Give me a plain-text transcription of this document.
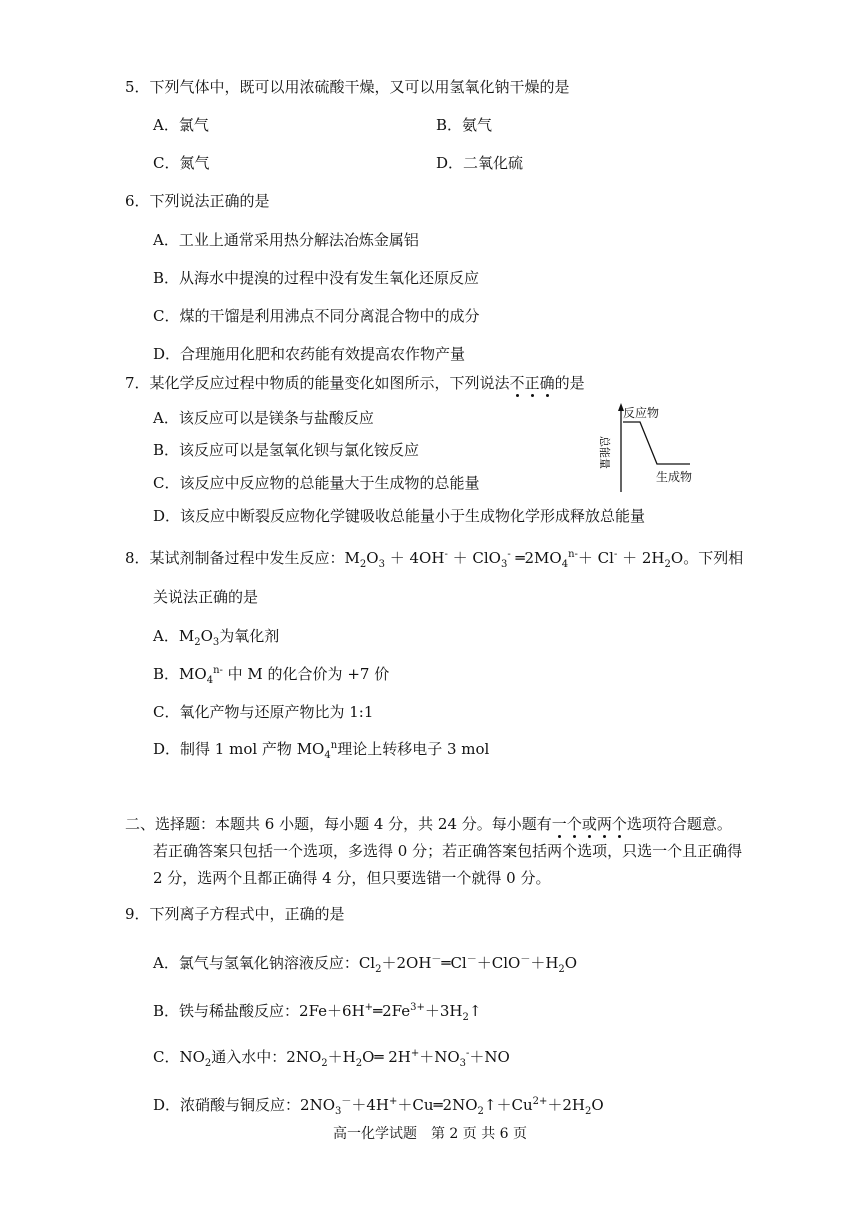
5．下列气体中，既可以用浓硫酸干燥，又可以用氢氧化钠干燥的是
A．氯气	B．氨气
C．氮气	D．二氧化硫
6．下列说法正确的是
A．工业上通常采用热分解法冶炼金属铝
B．从海水中提溴的过程中没有发生氧化还原反应
C．煤的干馏是利用沸点不同分离混合物中的成分
D．合理施用化肥和农药能有效提高农作物产量
7．某化学反应过程中物质的能量变化如图所示，下列说法不正确的是
A．该反应可以是镁条与盐酸反应
B．该反应可以是氢氧化钡与氯化铵反应
C．该反应中反应物的总能量大于生成物的总能量
D．该反应中断裂反应物化学键吸收总能量小于生成物化学形成释放总能量
总能量
反应物
生成物
8．某试剂制备过程中发生反应：$M_2O_3 + 4OH^- + ClO_3^-$ $═2MO_4^{n-}+ Cl^- + 2H_2O$。下列相
关说法正确的是
A．$M_2O_3$为氧化剂
B．$MO_4^{n-}$ 中 M 的化合价为 +7 价
C．氧化产物与还原产物比为 1:1
D．制得 1 mol 产物 $MO_4^n$理论上转移电子 3 mol
二、选择题：本题共 6 小题，每小题 4 分，共 24 分。每小题有一个或两个选项符合题意。
若正确答案只包括一个选项，多选得 0 分；若正确答案包括两个选项，只选一个且正确得
2 分，选两个且都正确得 4 分，但只要选错一个就得 0 分。
9．下列离子方程式中，正确的是
A．氯气与氢氧化钠溶液反应：$Cl_2+2OH^-═Cl^-+ClO^-+H_2O$
B．铁与稀盐酸反应：$2Fe+6H^+═2Fe^{3+}+3H_2↑$
C．$NO_2$通入水中：$2NO_2+H_2O═$ $2H^++NO_3^-+NO$
D．浓硝酸与铜反应：$2NO_3^-+4H^++Cu═2NO_2↑+Cu^{2+}+2H_2O$
高一化学试题　第 2 页 共 6 页
